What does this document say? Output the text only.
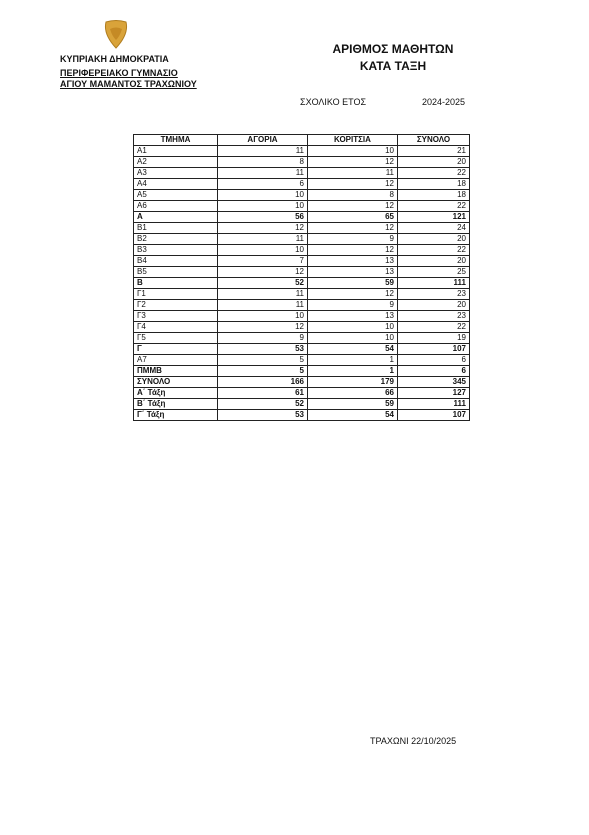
ΚΥΠΡΙΑΚΗ ΔΗΜΟΚΡΑΤΙΑ

ΠΕΡΙΦΕΡΕΙΑΚΟ ΓΥΜΝΑΣΙΟ

ΑΓΙΟΥ ΜΑΜΑΝΤΟΣ ΤΡΑΧΩΝΙΟΥ

ΑΡΙΘΜΟΣ ΜΑΘΗΤΩΝ

ΚΑΤΑ ΤΑΞΗ

ΣΧΟΛΙΚΟ ΕΤΟΣ	2024-2025
ΤΜΗΜΑ	ΑΓΟΡΙΑ	ΚΟΡΙΤΣΙΑ	ΣΥΝΟΛΟ
Α1	11	10	21
Α2	8	12	20
Α3	11	11	22
Α4	6	12	18
Α5	10	8	18
Α6	10	12	22
Α	56	65	121
Β1	12	12	24
Β2	11	9	20
Β3	10	12	22
Β4	7	13	20
Β5	12	13	25
Β	52	59	111
Γ1	11	12	23
Γ2	11	9	20
Γ3	10	13	23
Γ4	12	10	22
Γ5	9	10	19
Γ	53	54	107
Α7	5	1	6
ΠΜΜΒ	5	1	6
ΣΥΝΟΛΟ	166	179	345
Α΄ Τάξη	61	66	127
Β΄ Τάξη	52	59	111
Γ΄ Τάξη	53	54	107
ΤΡΑΧΩΝΙ 22/10/2025
